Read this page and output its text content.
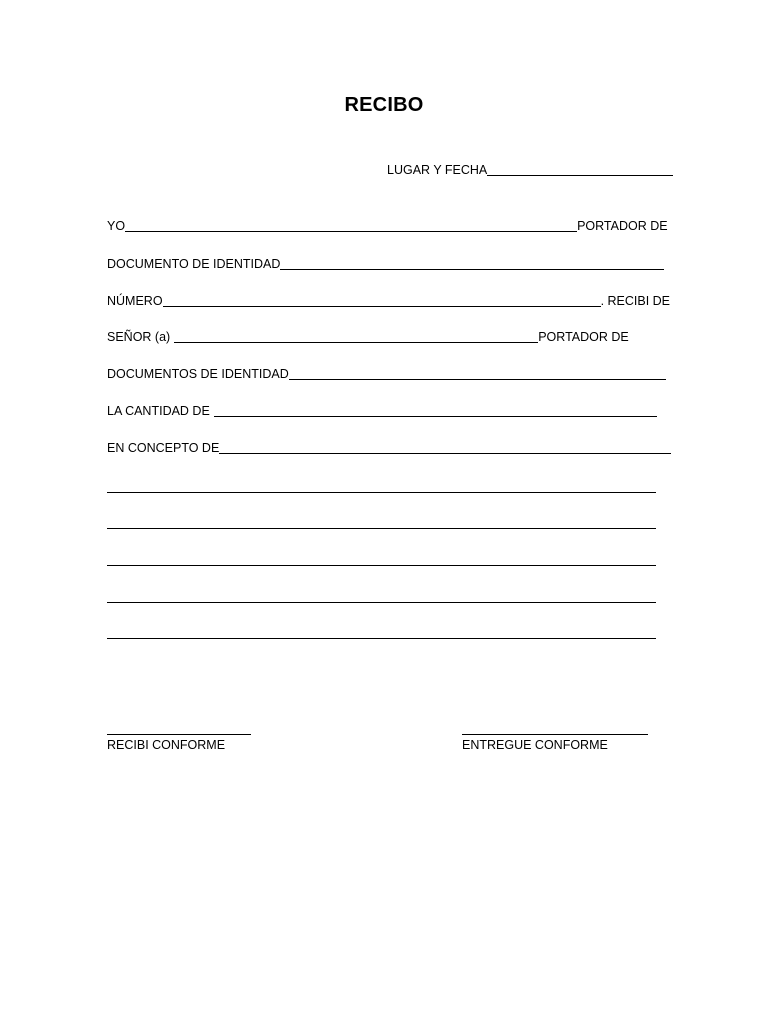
RECIBO
LUGAR Y FECHA
YO	PORTADOR DE
DOCUMENTO DE IDENTIDAD
NÚMERO	. RECIBI DE
SEÑOR (a)	PORTADOR DE
DOCUMENTOS DE IDENTIDAD
LA CANTIDAD DE
EN CONCEPTO DE
RECIBI CONFORME	ENTREGUE CONFORME
